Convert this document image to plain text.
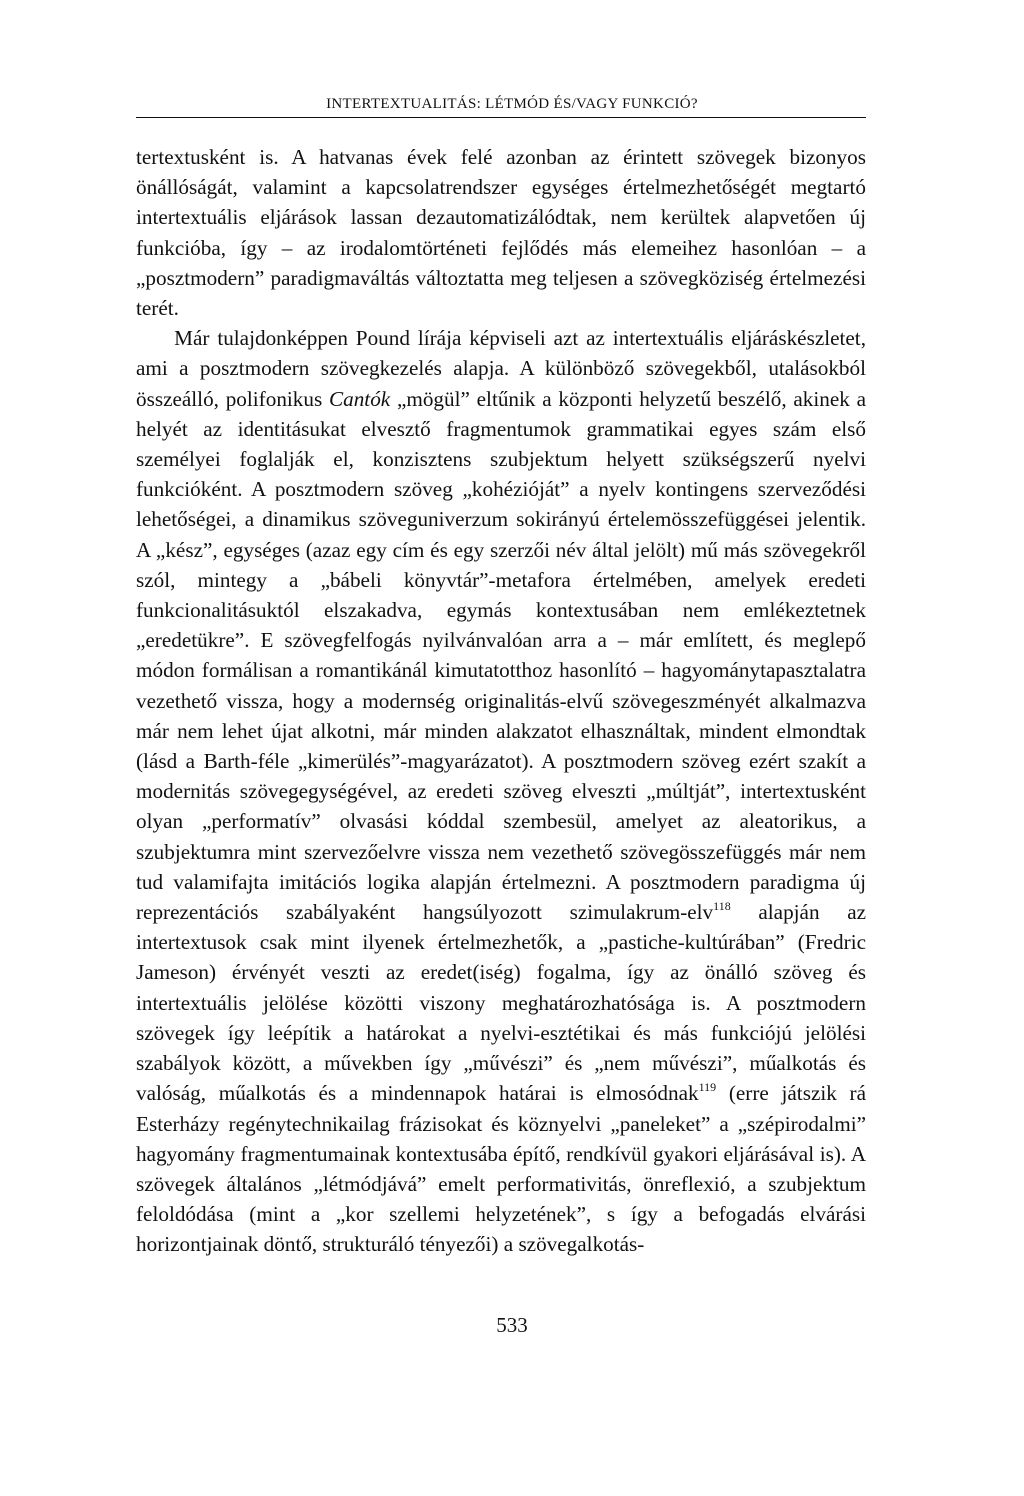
INTERTEXTUALITÁS: LÉTMÓD ÉS/VAGY FUNKCIÓ?

tertextusként is. A hatvanas évek felé azonban az érintett szövegek bizonyos önállóságát, valamint a kapcsolatrendszer egységes értelmezhetőségét megtartó intertextuális eljárások lassan dezautomatizálódtak, nem kerültek alapvetően új funkcióba, így – az irodalomtörténeti fejlődés más elemeihez hasonlóan – a „posztmodern” paradigmaváltás változtatta meg teljesen a szövegköziség értelmezési terét.

Már tulajdonképpen Pound lírája képviseli azt az intertextuális eljáráskészletet, ami a posztmodern szövegkezelés alapja. A különböző szövegekből, utalásokból összeálló, polifonikus Cantók „mögül” eltűnik a központi helyzetű beszélő, akinek a helyét az identitásukat elvesztő fragmentumok grammatikai egyes szám első személyei foglalják el, konzisztens szubjektum helyett szükségszerű nyelvi funkcióként. A posztmodern szöveg „kohézióját” a nyelv kontingens szerveződési lehetőségei, a dinamikus szöveguniverzum sokirányú értelemösszefüggései jelentik. A „kész”, egységes (azaz egy cím és egy szerzői név által jelölt) mű más szövegekről szól, mintegy a „bábeli könyvtár”-metafora értelmében, amelyek eredeti funkcionalitásuktól elszakadva, egymás kontextusában nem emlékeztetnek „eredetükre”. E szövegfelfogás nyilvánvalóan arra a – már említett, és meglepő módon formálisan a romantikánál kimutatotthoz hasonlító – hagyománytapasztalatra vezethető vissza, hogy a modernség originalitás-elvű szövegeszményét alkalmazva már nem lehet újat alkotni, már minden alakzatot elhasználtak, mindent elmondtak (lásd a Barth-féle „kimerülés”-magyarázatot). A posztmodern szöveg ezért szakít a modernitás szövegegységével, az eredeti szöveg elveszti „múltját”, intertextusként olyan „performatív” olvasási kóddal szembesül, amelyet az aleatorikus, a szubjektumra mint szervezőelvre vissza nem vezethető szövegösszefüggés már nem tud valamifajta imitációs logika alapján értelmezni. A posztmodern paradigma új reprezentációs szabályaként hangsúlyozott szimulakrum-elv$^{118}$ alapján az intertextusok csak mint ilyenek értelmezhetők, a „pastiche-kultúrában” (Fredric Jameson) érvényét veszti az eredet(iség) fogalma, így az önálló szöveg és intertextuális jelölése közötti viszony meghatározhatósága is. A posztmodern szövegek így leépítik a határokat a nyelvi-esztétikai és más funkciójú jelölési szabályok között, a művekben így „művészi” és „nem művészi”, műalkotás és valóság, műalkotás és a mindennapok határai is elmosódnak$^{119}$ (erre játszik rá Esterházy regénytechnikailag frázisokat és köznyelvi „paneleket” a „szépirodalmi” hagyomány fragmentumainak kontextusába építő, rendkívül gyakori eljárásával is). A szövegek általános „létmódjává” emelt performativitás, önreflexió, a szubjektum feloldódása (mint a „kor szellemi helyzetének”, s így a befogadás elvárási horizontjainak döntő, strukturáló tényezői) a szövegalkotás-

533
